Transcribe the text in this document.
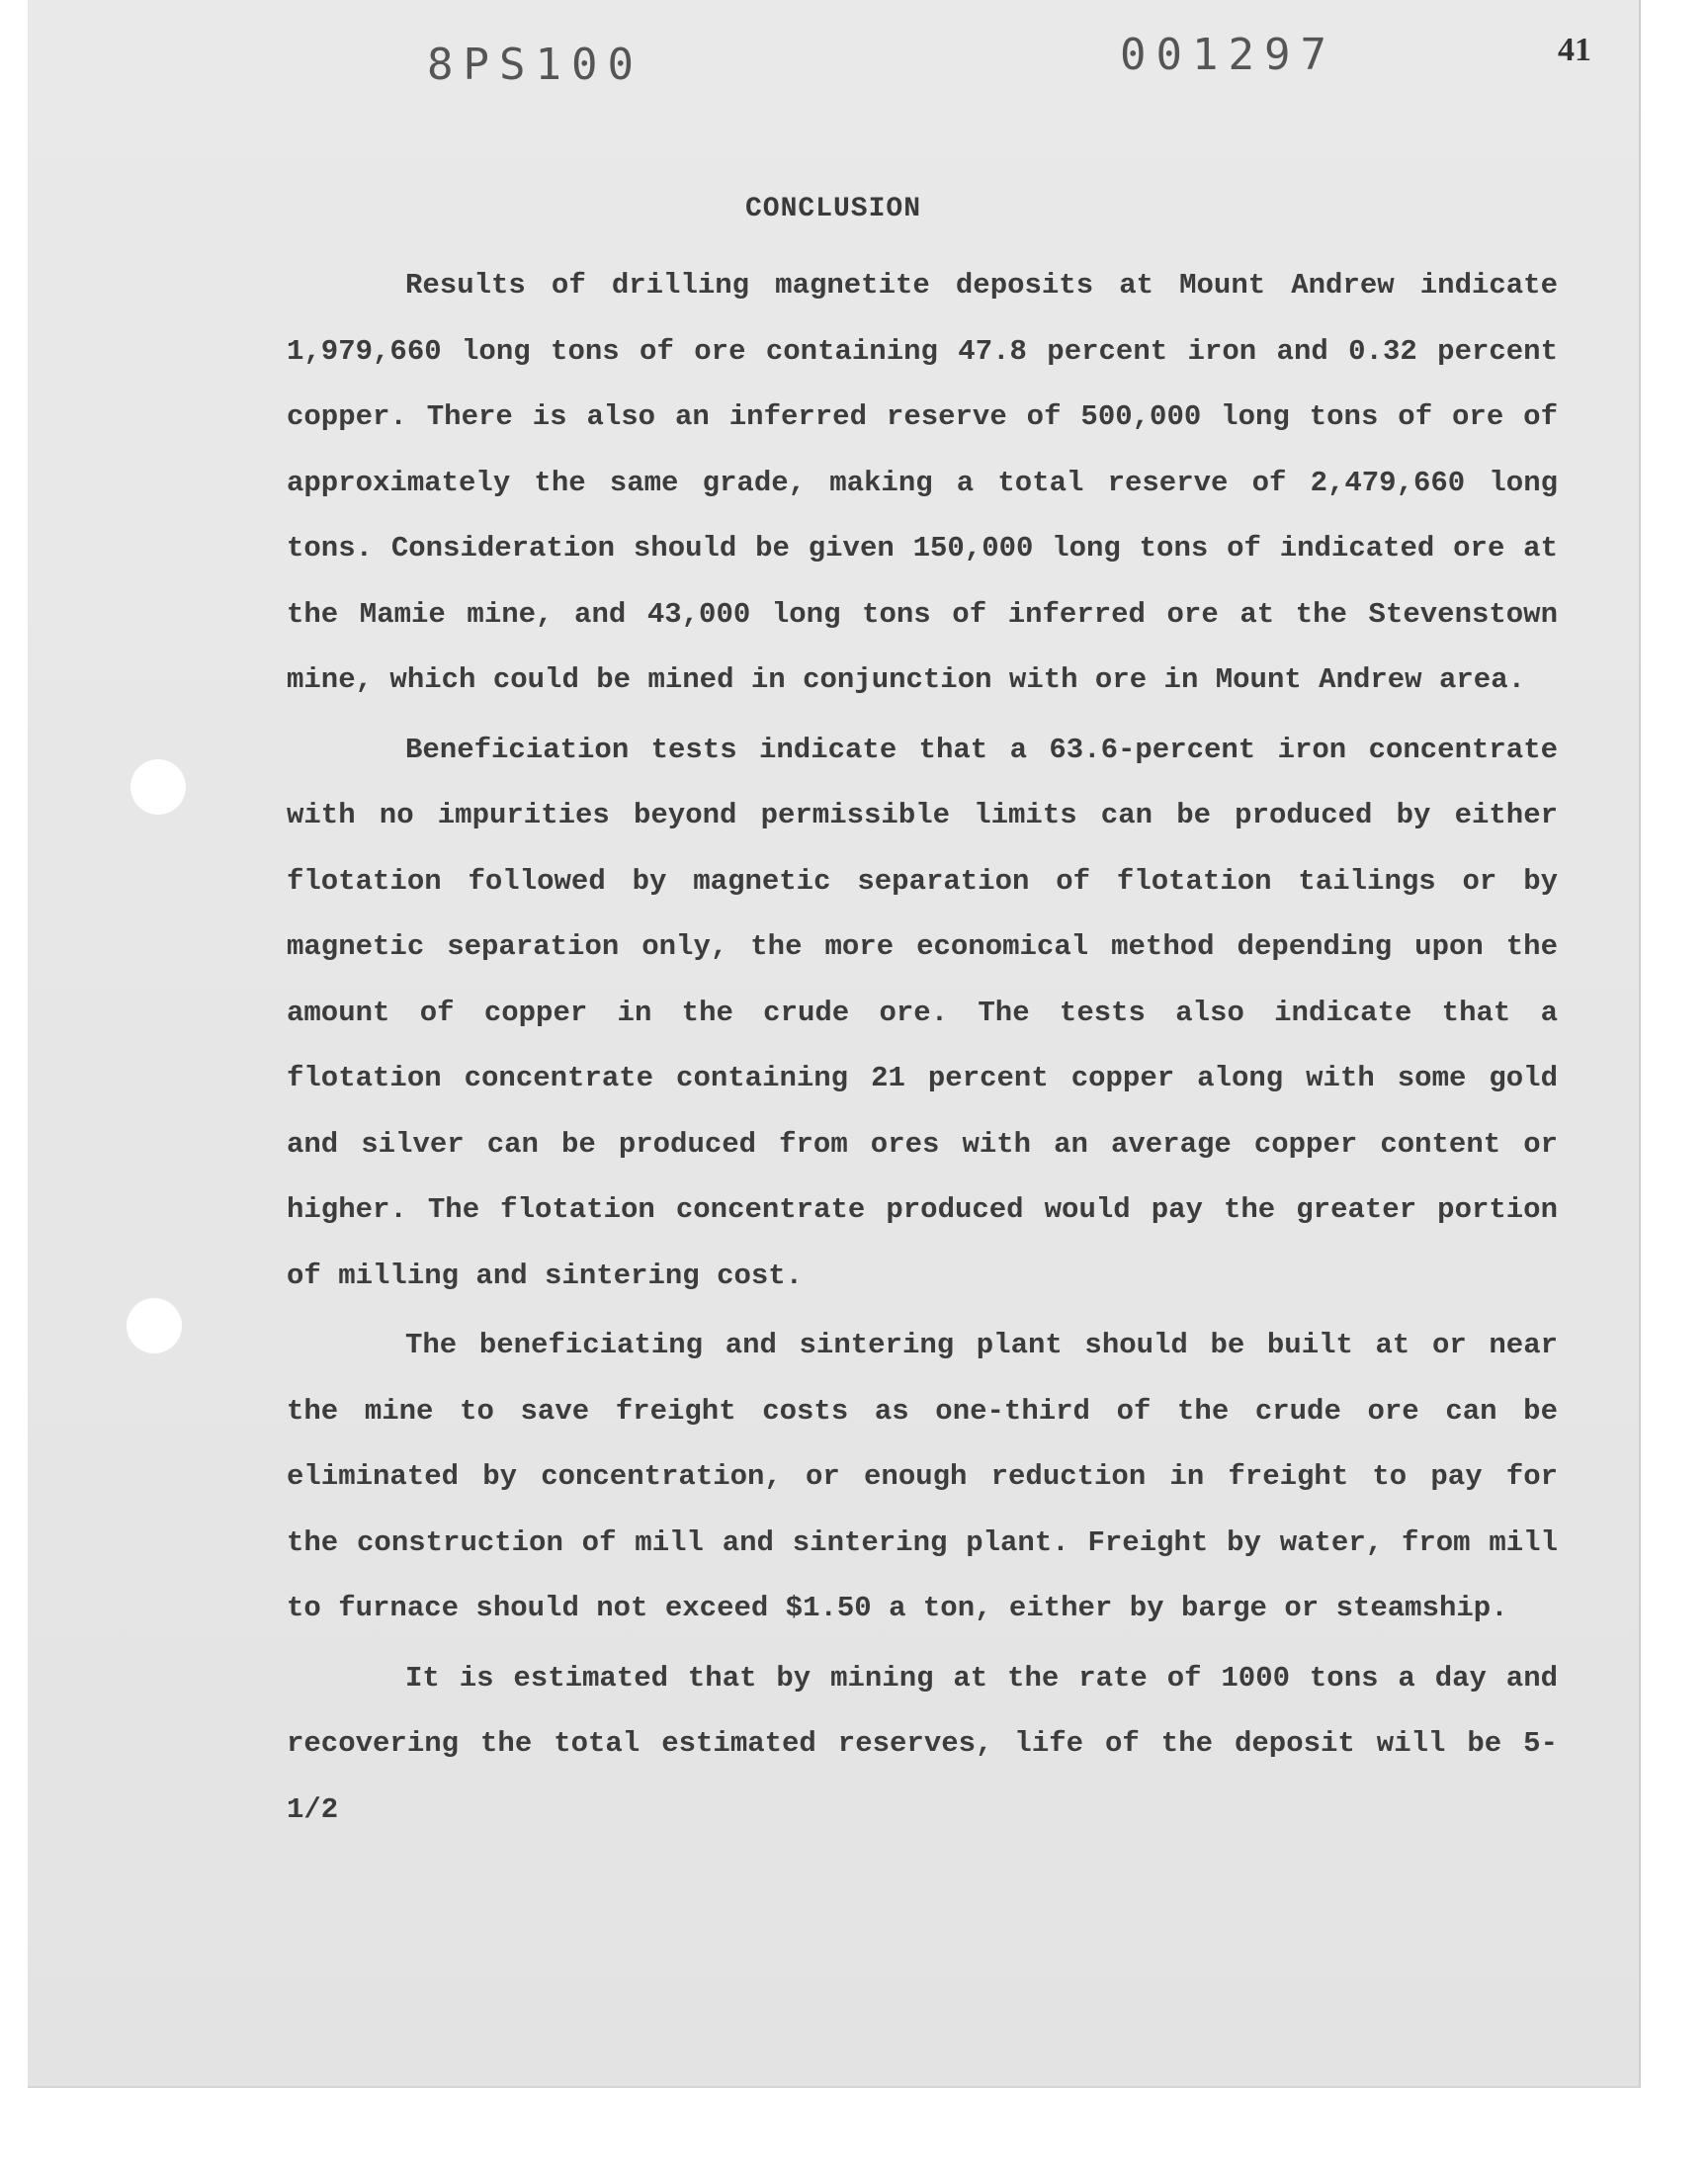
8PS100	001297	41
CONCLUSION

Results of drilling magnetite deposits at Mount Andrew indicate 1,979,660 long tons of ore containing 47.8 percent iron and 0.32 percent copper. There is also an inferred reserve of 500,000 long tons of ore of approximately the same grade, making a total reserve of 2,479,660 long tons. Consideration should be given 150,000 long tons of indicated ore at the Mamie mine, and 43,000 long tons of inferred ore at the Stevenstown mine, which could be mined in conjunction with ore in Mount Andrew area.

Beneficiation tests indicate that a 63.6-percent iron concentrate with no impurities beyond permissible limits can be produced by either flotation followed by magnetic separation of flotation tailings or by magnetic separation only, the more economical method depending upon the amount of copper in the crude ore. The tests also indicate that a flotation concentrate containing 21 percent copper along with some gold and silver can be produced from ores with an average copper content or higher. The flotation concentrate produced would pay the greater portion of milling and sintering cost.

The beneficiating and sintering plant should be built at or near the mine to save freight costs as one-third of the crude ore can be eliminated by concentration, or enough reduction in freight to pay for the construction of mill and sintering plant. Freight by water, from mill to furnace should not exceed $1.50 a ton, either by barge or steamship.

It is estimated that by mining at the rate of 1000 tons a day and recovering the total estimated reserves, life of the deposit will be 5-1/2
